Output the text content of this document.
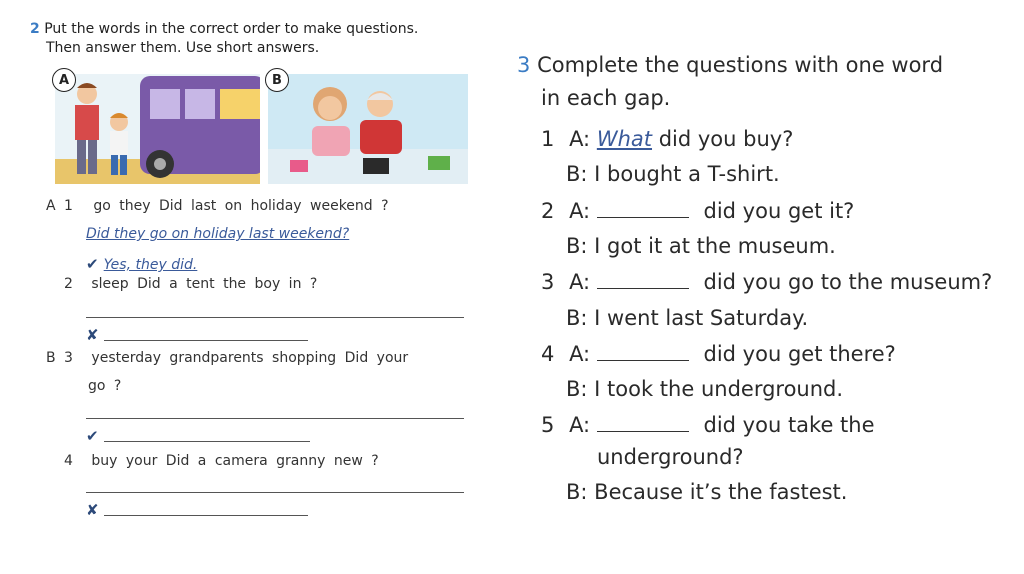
2 Put the words in the correct order to make questions.
Then answer them. Use short answers.
A	B
A 1 go they Did last on holiday weekend ?
Did they go on holiday last weekend?
✔ Yes, they did.
2 sleep Did a tent the boy in ?
✘
B 3 yesterday grandparents shopping Did your
go ?
✔
4 buy your Did a camera granny new ?
✘
3 Complete the questions with one word
in each gap.
1 A: What did you buy?
B: I bought a T-shirt.
2 A:	did you get it?
B: I got it at the museum.
3 A:	did you go to the museum?
B: I went last Saturday.
4 A:	did you get there?
B: I took the underground.
5 A:	did you take the
underground?
B: Because it’s the fastest.
